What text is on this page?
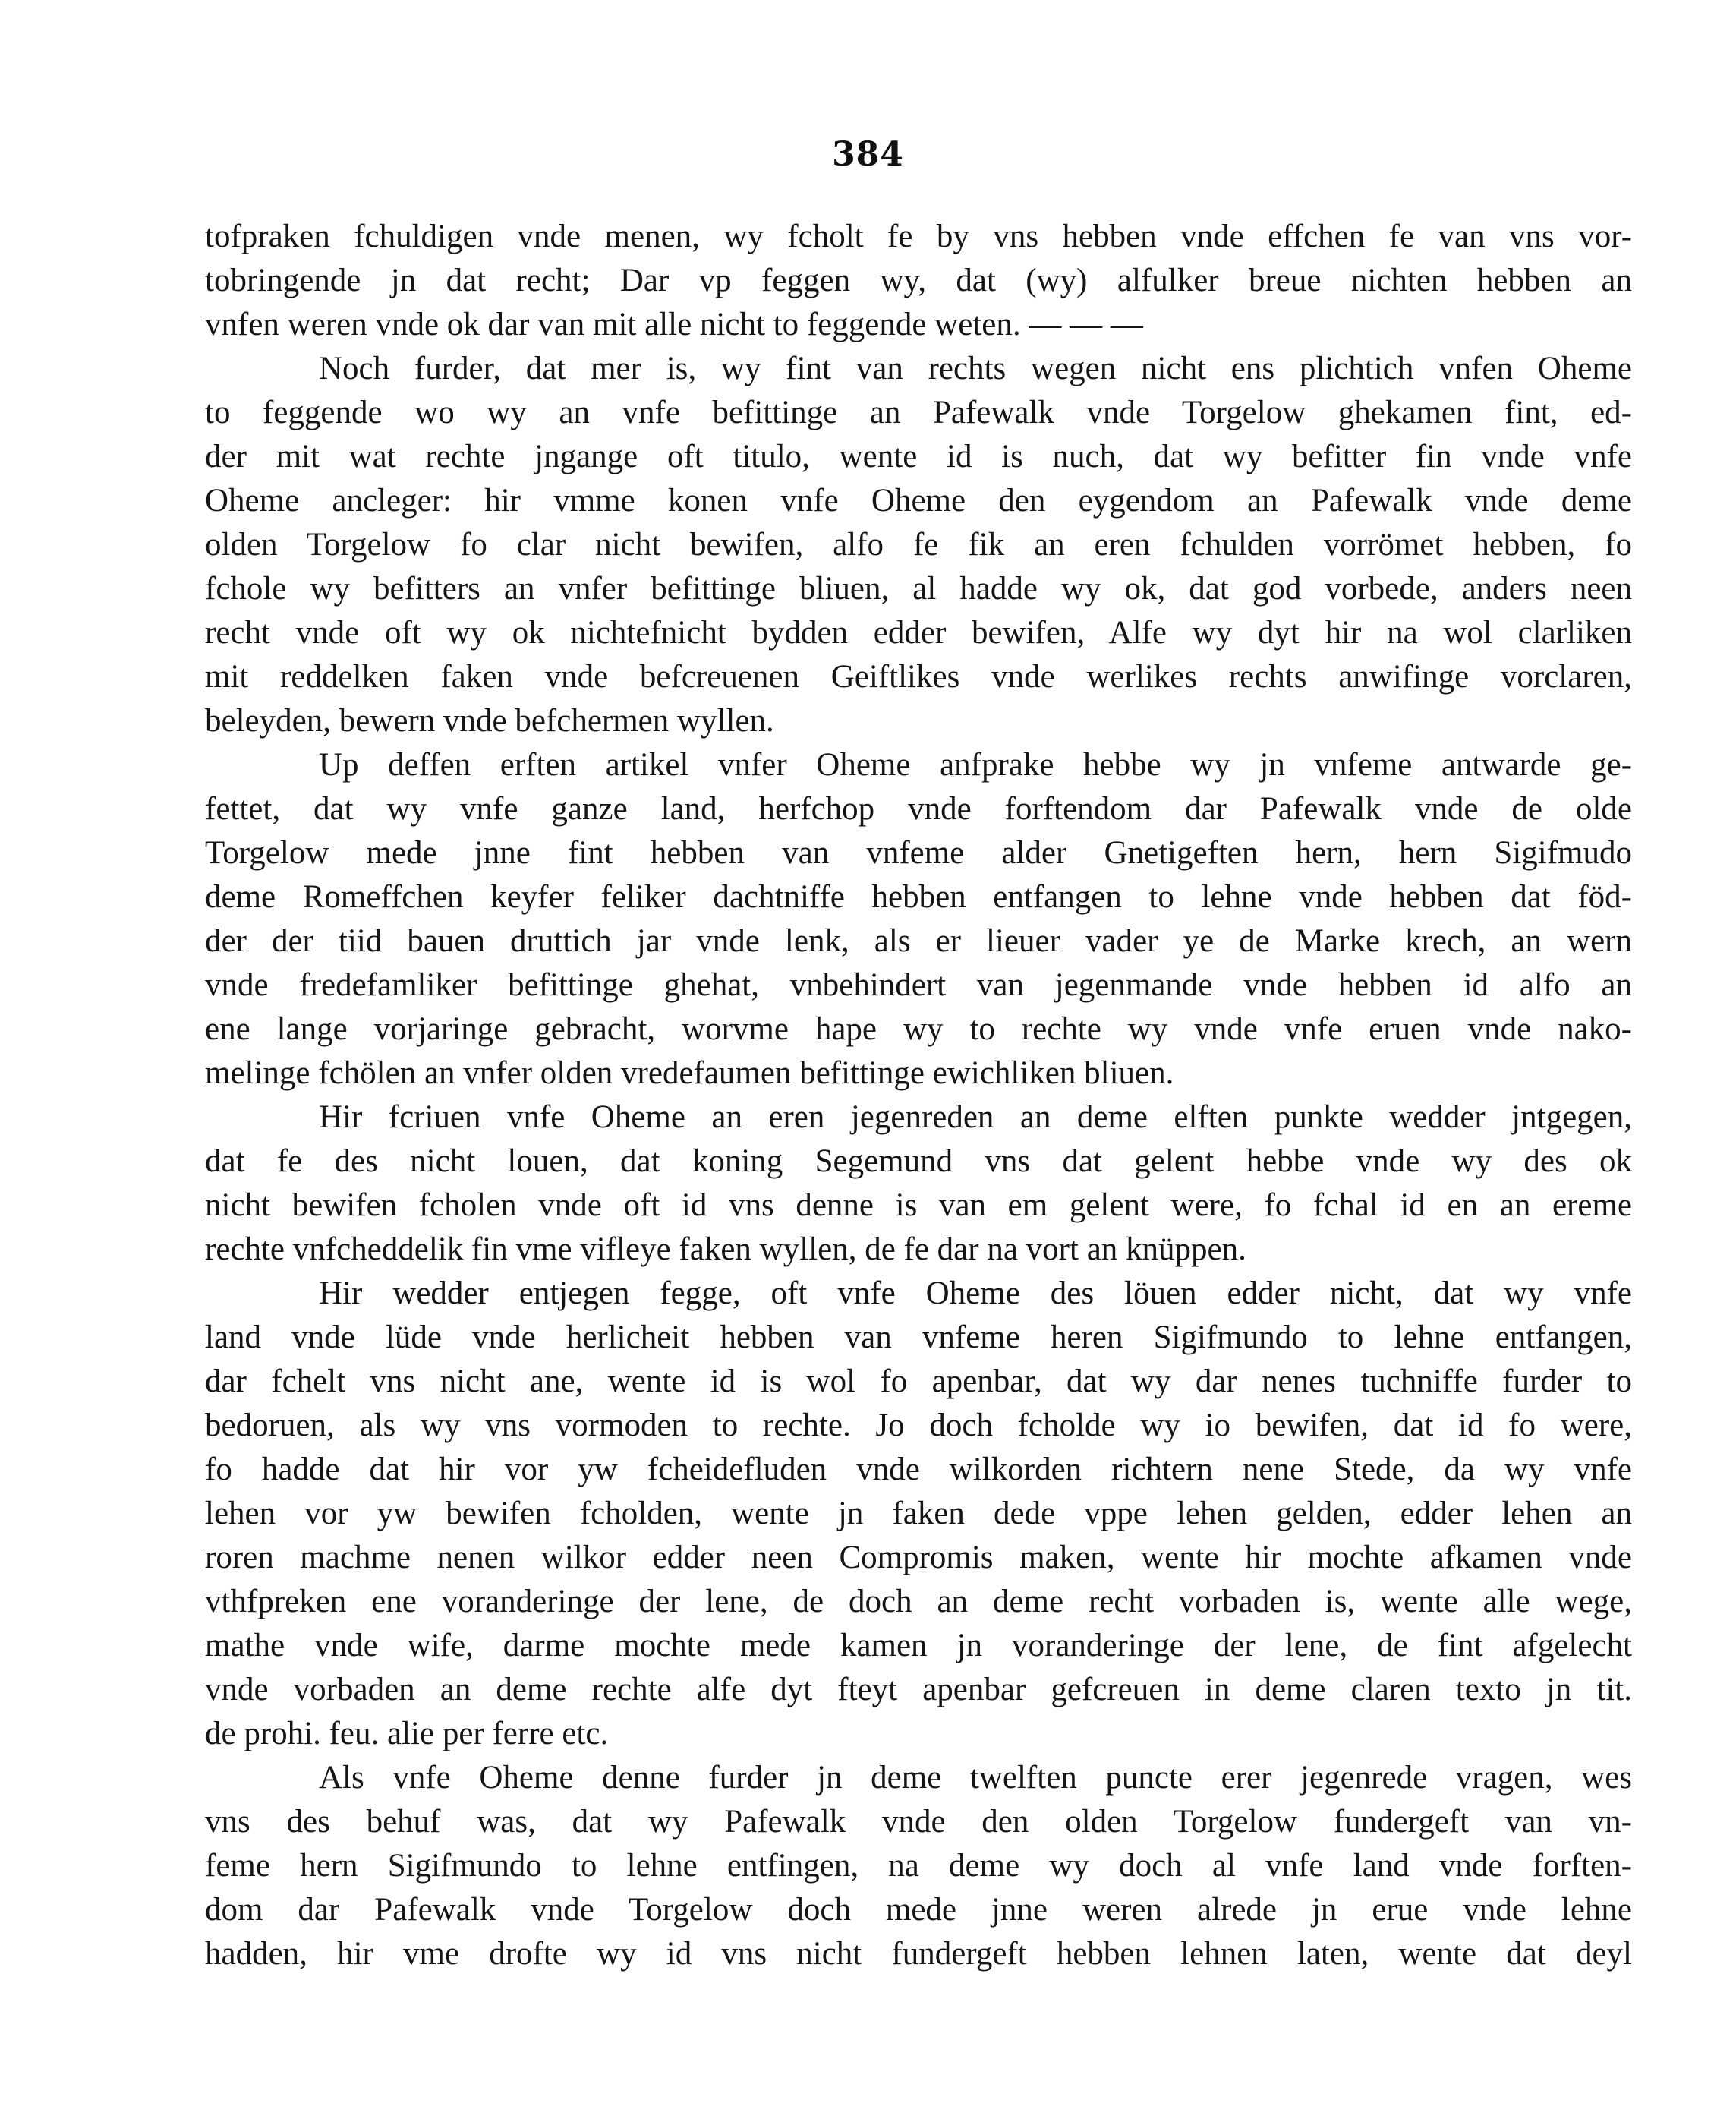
384
tofpraken fchuldigen vnde menen, wy fcholt fe by vns hebben vnde effchen fe van vns vor-
tobringende jn dat recht; Dar vp feggen wy, dat (wy) alfulker breue nichten hebben an
vnfen weren vnde ok dar van mit alle nicht to feggende weten. — — —
Noch furder, dat mer is, wy fint van rechts wegen nicht ens plichtich vnfen Oheme
to feggende wo wy an vnfe befittinge an Pafewalk vnde Torgelow ghekamen fint, ed-
der mit wat rechte jngange oft titulo, wente id is nuch, dat wy befitter fin vnde vnfe
Oheme ancleger: hir vmme konen vnfe Oheme den eygendom an Pafewalk vnde deme
olden Torgelow fo clar nicht bewifen, alfo fe fik an eren fchulden vorrömet hebben, fo
fchole wy befitters an vnfer befittinge bliuen, al hadde wy ok, dat god vorbede, anders neen
recht vnde oft wy ok nichtefnicht bydden edder bewifen, Alfe wy dyt hir na wol clarliken
mit reddelken faken vnde befcreuenen Geiftlikes vnde werlikes rechts anwifinge vorclaren,
beleyden, bewern vnde befchermen wyllen.
Up deffen erften artikel vnfer Oheme anfprake hebbe wy jn vnfeme antwarde ge-
fettet, dat wy vnfe ganze land, herfchop vnde forftendom dar Pafewalk vnde de olde
Torgelow mede jnne fint hebben van vnfeme alder Gnetigeften hern, hern Sigifmudo
deme Romeffchen keyfer feliker dachtniffe hebben entfangen to lehne vnde hebben dat föd-
der der tiid bauen druttich jar vnde lenk, als er lieuer vader ye de Marke krech, an wern
vnde fredefamliker befittinge ghehat, vnbehindert van jegenmande vnde hebben id alfo an
ene lange vorjaringe gebracht, worvme hape wy to rechte wy vnde vnfe eruen vnde nako-
melinge fchölen an vnfer olden vredefaumen befittinge ewichliken bliuen.
Hir fcriuen vnfe Oheme an eren jegenreden an deme elften punkte wedder jntgegen,
dat fe des nicht louen, dat koning Segemund vns dat gelent hebbe vnde wy des ok
nicht bewifen fcholen vnde oft id vns denne is van em gelent were, fo fchal id en an ereme
rechte vnfcheddelik fin vme vifleye faken wyllen, de fe dar na vort an knüppen.
Hir wedder entjegen fegge, oft vnfe Oheme des löuen edder nicht, dat wy vnfe
land vnde lüde vnde herlicheit hebben van vnfeme heren Sigifmundo to lehne entfangen,
dar fchelt vns nicht ane, wente id is wol fo apenbar, dat wy dar nenes tuchniffe furder to
bedoruen, als wy vns vormoden to rechte. Jo doch fcholde wy io bewifen, dat id fo were,
fo hadde dat hir vor yw fcheidefluden vnde wilkorden richtern nene Stede, da wy vnfe
lehen vor yw bewifen fcholden, wente jn faken dede vppe lehen gelden, edder lehen an
roren machme nenen wilkor edder neen Compromis maken, wente hir mochte afkamen vnde
vthfpreken ene voranderinge der lene, de doch an deme recht vorbaden is, wente alle wege,
mathe vnde wife, darme mochte mede kamen jn voranderinge der lene, de fint afgelecht
vnde vorbaden an deme rechte alfe dyt fteyt apenbar gefcreuen in deme claren texto jn tit.
de prohi. feu. alie per ferre etc.
Als vnfe Oheme denne furder jn deme twelften puncte erer jegenrede vragen, wes
vns des behuf was, dat wy Pafewalk vnde den olden Torgelow fundergeft van vn-
feme hern Sigifmundo to lehne entfingen, na deme wy doch al vnfe land vnde forften-
dom dar Pafewalk vnde Torgelow doch mede jnne weren alrede jn erue vnde lehne
hadden, hir vme drofte wy id vns nicht fundergeft hebben lehnen laten, wente dat deyl
